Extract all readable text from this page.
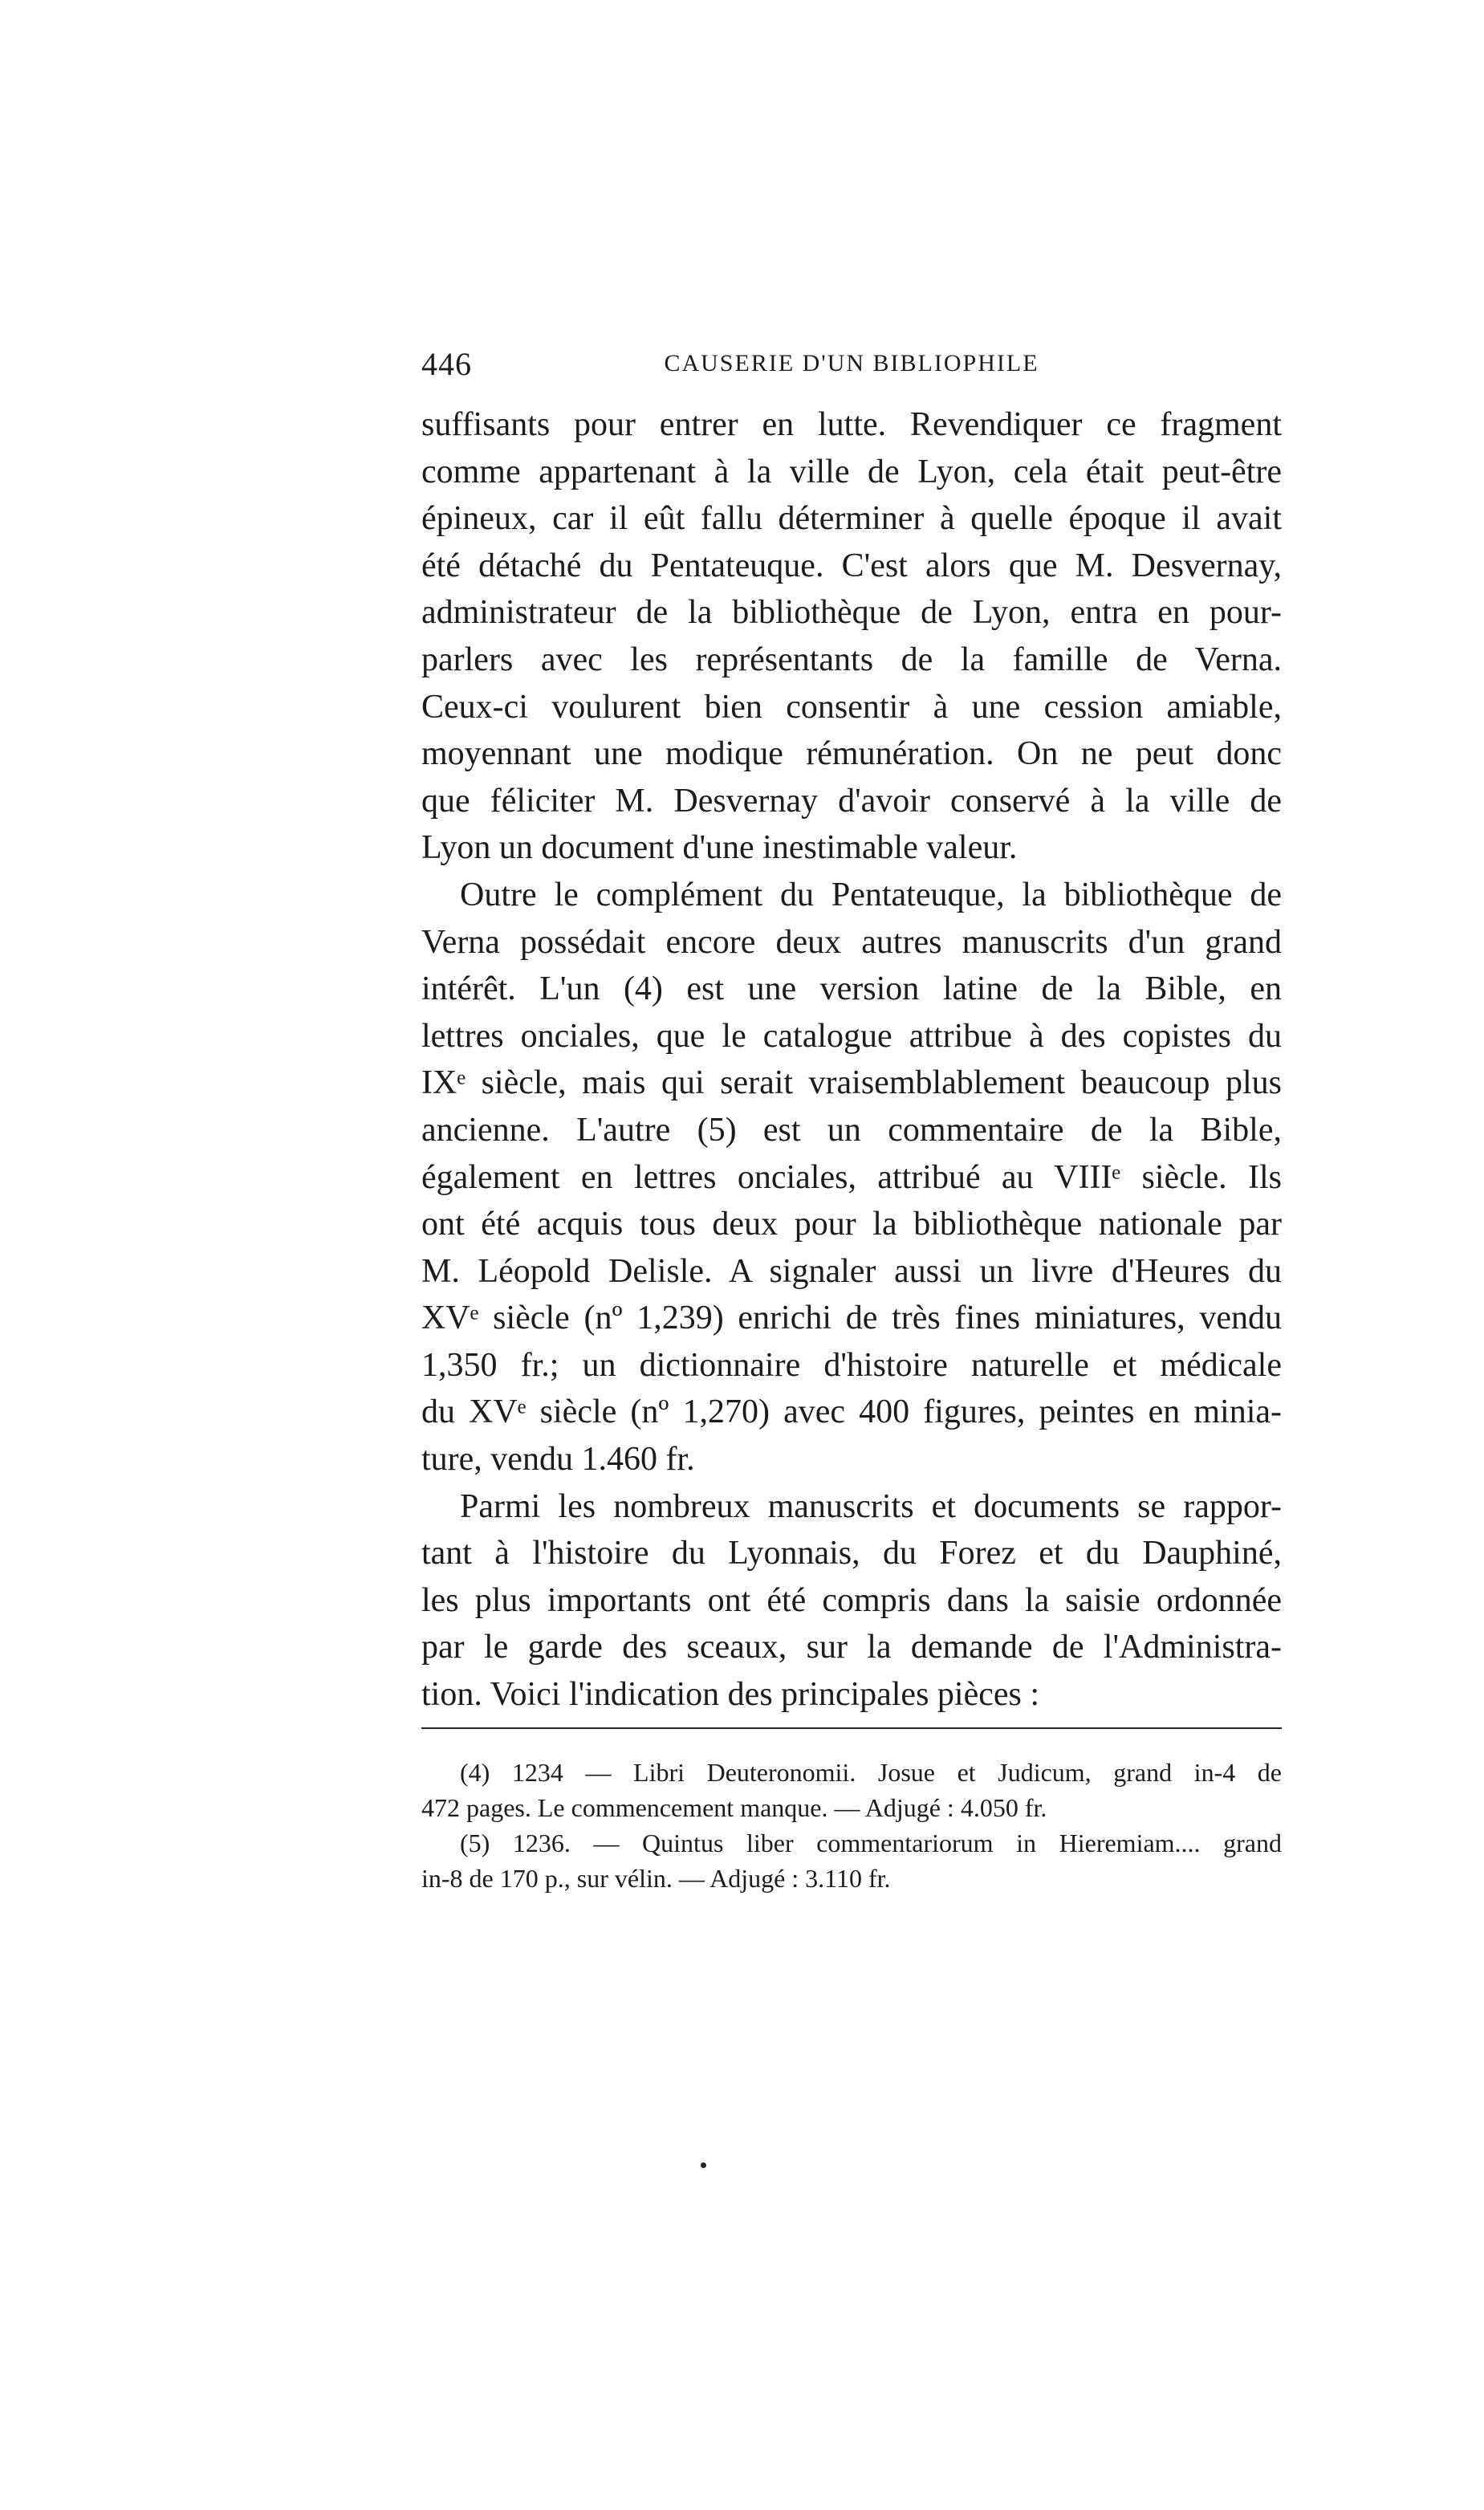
446	CAUSERIE D'UN BIBLIOPHILE

suffisants pour entrer en lutte. Revendiquer ce fragment
comme appartenant à la ville de Lyon, cela était peut-être
épineux, car il eût fallu déterminer à quelle époque il avait
été détaché du Pentateuque. C'est alors que M. Desvernay,
administrateur de la bibliothèque de Lyon, entra en pour-
parlers avec les représentants de la famille de Verna.
Ceux-ci voulurent bien consentir à une cession amiable,
moyennant une modique rémunération. On ne peut donc
que féliciter M. Desvernay d'avoir conservé à la ville de
Lyon un document d'une inestimable valeur.

Outre le complément du Pentateuque, la bibliothèque de
Verna possédait encore deux autres manuscrits d'un grand
intérêt. L'un (4) est une version latine de la Bible, en
lettres onciales, que le catalogue attribue à des copistes du
IXᵉ siècle, mais qui serait vraisemblablement beaucoup plus
ancienne. L'autre (5) est un commentaire de la Bible,
également en lettres onciales, attribué au VIIIᵉ siècle. Ils
ont été acquis tous deux pour la bibliothèque nationale par
M. Léopold Delisle. A signaler aussi un livre d'Heures du
XVᵉ siècle (nº 1,239) enrichi de très fines miniatures, vendu
1,350 fr.; un dictionnaire d'histoire naturelle et médicale
du XVᵉ siècle (nº 1,270) avec 400 figures, peintes en minia-
ture, vendu 1.460 fr.

Parmi les nombreux manuscrits et documents se rappor-
tant à l'histoire du Lyonnais, du Forez et du Dauphiné,
les plus importants ont été compris dans la saisie ordonnée
par le garde des sceaux, sur la demande de l'Administra-
tion. Voici l'indication des principales pièces :

(4) 1234 — Libri Deuteronomii. Josue et Judicum, grand in-4 de
472 pages. Le commencement manque. — Adjugé : 4.050 fr.
(5) 1236. — Quintus liber commentariorum in Hieremiam.... grand
in-8 de 170 p., sur vélin. — Adjugé : 3.110 fr.
